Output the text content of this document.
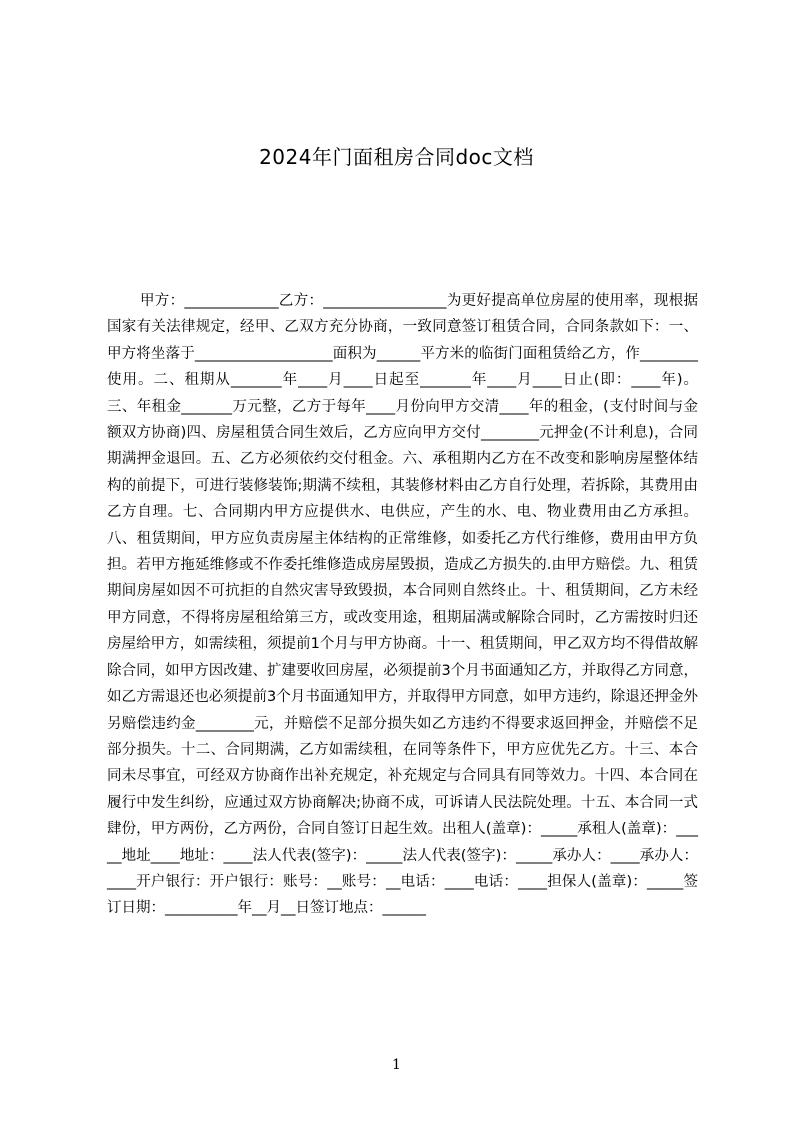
2024年门面租房合同doc文档

甲方：_____________乙方：_________________为更好提高单位房屋的使用率，现根据国家有关法律规定，经甲、乙双方充分协商，一致同意签订租赁合同，合同条款如下：一、甲方将坐落于___________________面积为______平方米的临街门面租赁给乙方，作________使用。二、租期从_______年____月____日起至_______年____月____日止(即：____年)。三、年租金_______万元整，乙方于每年____月份向甲方交清____年的租金，(支付时间与金额双方协商)四、房屋租赁合同生效后，乙方应向甲方交付________元押金(不计利息)，合同期满押金退回。五、乙方必须依约交付租金。六、承租期内乙方在不改变和影响房屋整体结构的前提下，可进行装修装饰;期满不续租，其装修材料由乙方自行处理，若拆除，其费用由乙方自理。七、合同期内甲方应提供水、电供应，产生的水、电、物业费用由乙方承担。八、租赁期间，甲方应负责房屋主体结构的正常维修，如委托乙方代行维修，费用由甲方负担。若甲方拖延维修或不作委托维修造成房屋毁损，造成乙方损失的.由甲方赔偿。九、租赁期间房屋如因不可抗拒的自然灾害导致毁损，本合同则自然终止。十、租赁期间，乙方未经甲方同意，不得将房屋租给第三方，或改变用途，租期届满或解除合同时，乙方需按时归还房屋给甲方，如需续租，须提前1个月与甲方协商。十一、租赁期间，甲乙双方均不得借故解除合同，如甲方因改建、扩建要收回房屋，必须提前3个月书面通知乙方，并取得乙方同意，如乙方需退还也必须提前3个月书面通知甲方，并取得甲方同意，如甲方违约，除退还押金外另赔偿违约金________元，并赔偿不足部分损失如乙方违约不得要求返回押金，并赔偿不足部分损失。十二、合同期满，乙方如需续租，在同等条件下，甲方应优先乙方。十三、本合同未尽事宜，可经双方协商作出补充规定，补充规定与合同具有同等效力。十四、本合同在履行中发生纠纷，应通过双方协商解决;协商不成，可诉请人民法院处理。十五、本合同一式肆份，甲方两份，乙方两份，合同自签订日起生效。出租人(盖章)：_____承租人(盖章)：_____地址____地址：____法人代表(签字)：_____法人代表(签字)：_____承办人：____承办人：____开户银行：开户银行：账号：__账号：__电话：____电话：____担保人(盖章)：_____签订日期：__________年__月__日签订地点：______

1
